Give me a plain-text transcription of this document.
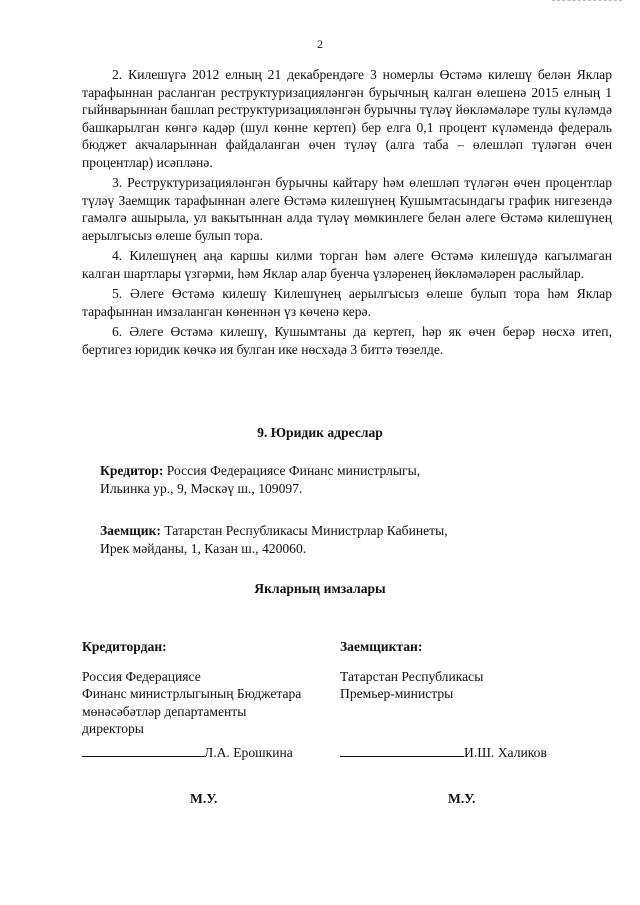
2

2. Килешүгә 2012 елның 21 декабрендәге 3 номерлы Өстәмә килешү белән Яклар тарафыннан расланган реструктуризацияләнгән бурычның калган өлешенә 2015 елның 1 гыйнварыннан башлап реструктуризацияләнгән бурычны түләү йөкләмәләре тулы күләмдә башкарылган көнгә кадәр (шул көнне кертеп) бер елга 0,1 процент күләмендә федераль бюджет акчаларыннан файдаланган өчен түләү (алга таба – өлешләп түләгән өчен процентлар) исәпләнә.

3. Реструктуризацияләнгән бурычны кайтару һәм өлешләп түләгән өчен процентлар түләү Заемщик тарафыннан әлеге Өстәмә килешүнең Кушымтасындагы график нигезендә гамәлгә ашырыла, ул вакытыннан алда түләү мөмкинлеге белән әлеге Өстәмә килешүнең аерылгысыз өлеше булып тора.

4. Килешүнең аңа каршы килми торган һәм әлеге Өстәмә килешүдә кагылмаган калган шартлары үзгәрми, һәм Яклар алар буенча үзләренең йөкләмәләрен раслыйлар.

5. Әлеге Өстәмә килешү Килешүнең аерылгысыз өлеше булып тора һәм Яклар тарафыннан имзаланган көненнән үз көченә керә.

6. Әлеге Өстәмә килешү, Кушымтаны да кертеп, һәр як өчен берәр нөсхә итеп, бертигез юридик көчкә ия булган ике нөсхәдә 3 биттә төзелде.

9. Юридик адреслар
Кредитор: Россия Федерациясе Финанс министрлыгы,
Ильинка ур., 9, Мәскәү ш., 109097.
Заемщик: Татарстан Республикасы Министрлар Кабинеты,
Ирек мәйданы, 1, Казан ш., 420060.
Якларның имзалары
Кредитордан:
Россия Федерациясе
Финанс министрлыгының Бюджетара
мөнәсәбәтләр департаменты
директоры
Л.А. Ерошкина
Заемщиктан:
Татарстан Республикасы
Премьер-министры
И.Ш. Халиков
М.У.	М.У.
